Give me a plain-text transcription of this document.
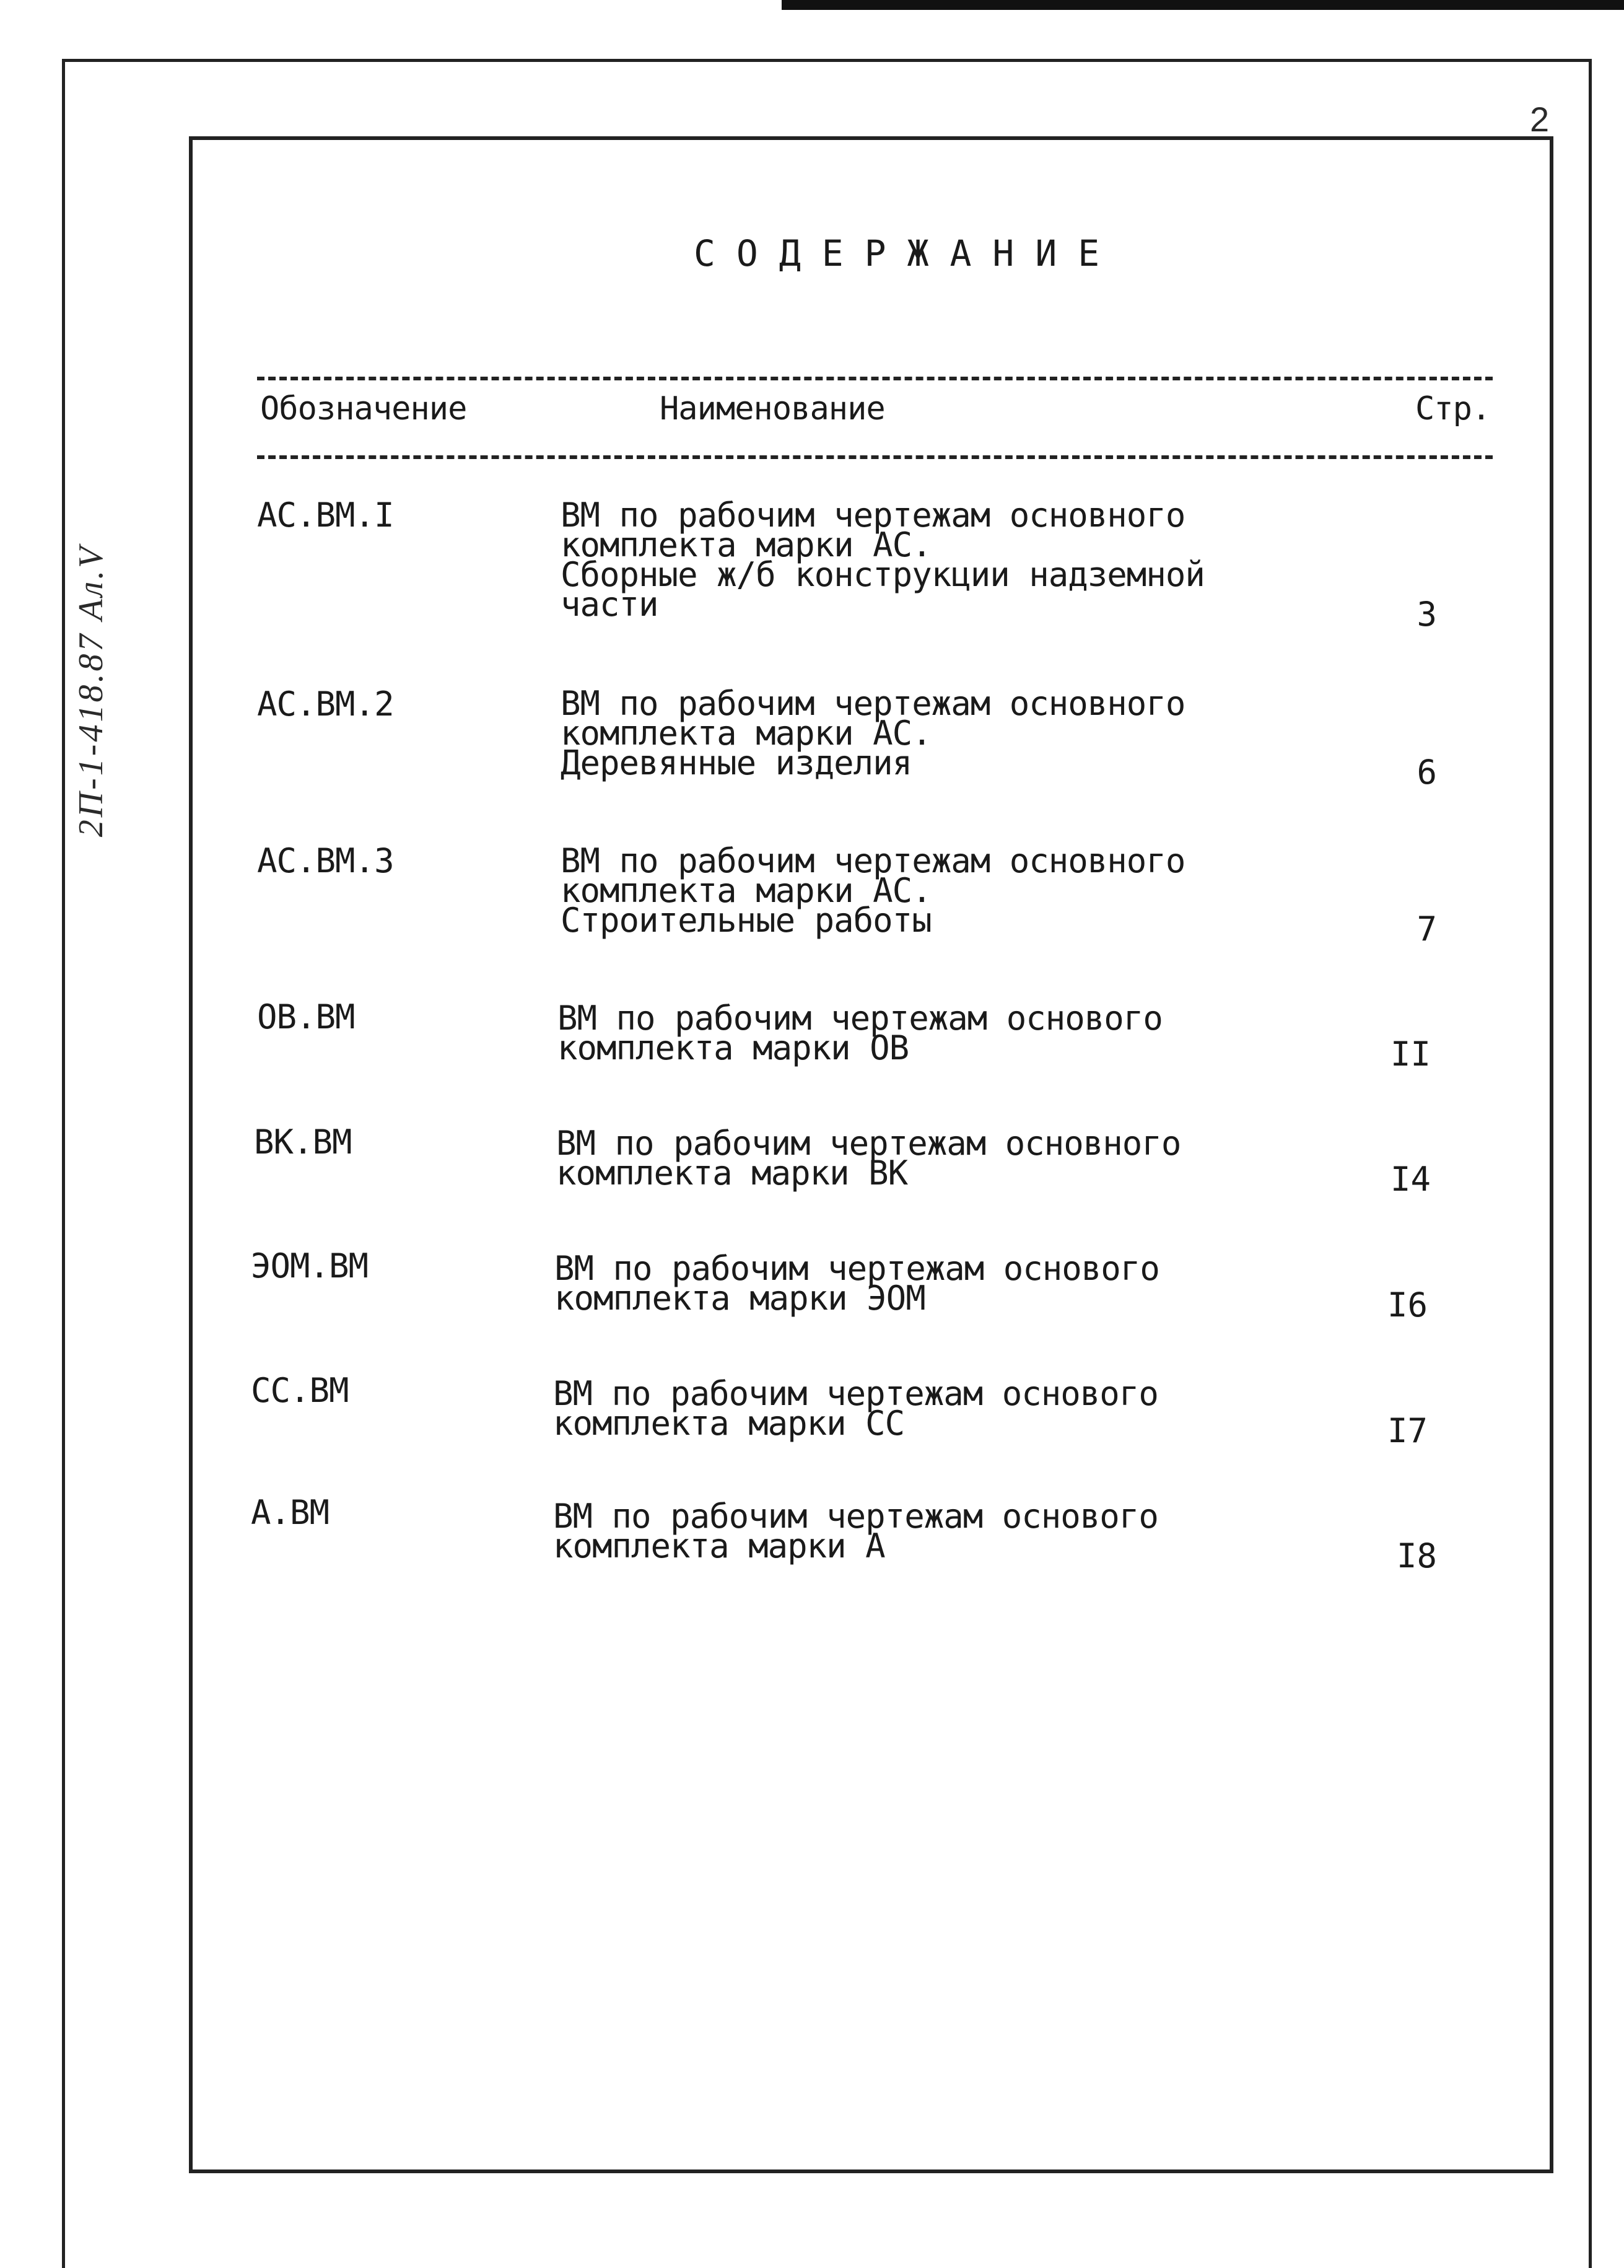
2П-1-418.87 Ал.V
2
СОДЕРЖАНИЕ
Обозначение	Наименование	Стр.
АС.ВМ.I	ВМ по рабочим чертежам основного
комплекта марки АС.
Сборные ж/б конструкции надземной
части	3
АС.ВМ.2	ВМ по рабочим чертежам основного
комплекта марки АС.
Деревянные изделия	6
АС.ВМ.3	ВМ по рабочим чертежам основного
комплекта марки АС.
Строительные работы	7
ОВ.ВМ	ВМ по рабочим чертежам основого
комплекта марки ОВ	II
ВК.ВМ	ВМ по рабочим чертежам основного
комплекта марки ВК	I4
ЭОМ.ВМ	ВМ по рабочим чертежам основого
комплекта марки ЭОМ	I6
СС.ВМ	ВМ по рабочим чертежам основого
комплекта марки СС	I7
А.ВМ	ВМ по рабочим чертежам основого
комплекта марки А	I8
